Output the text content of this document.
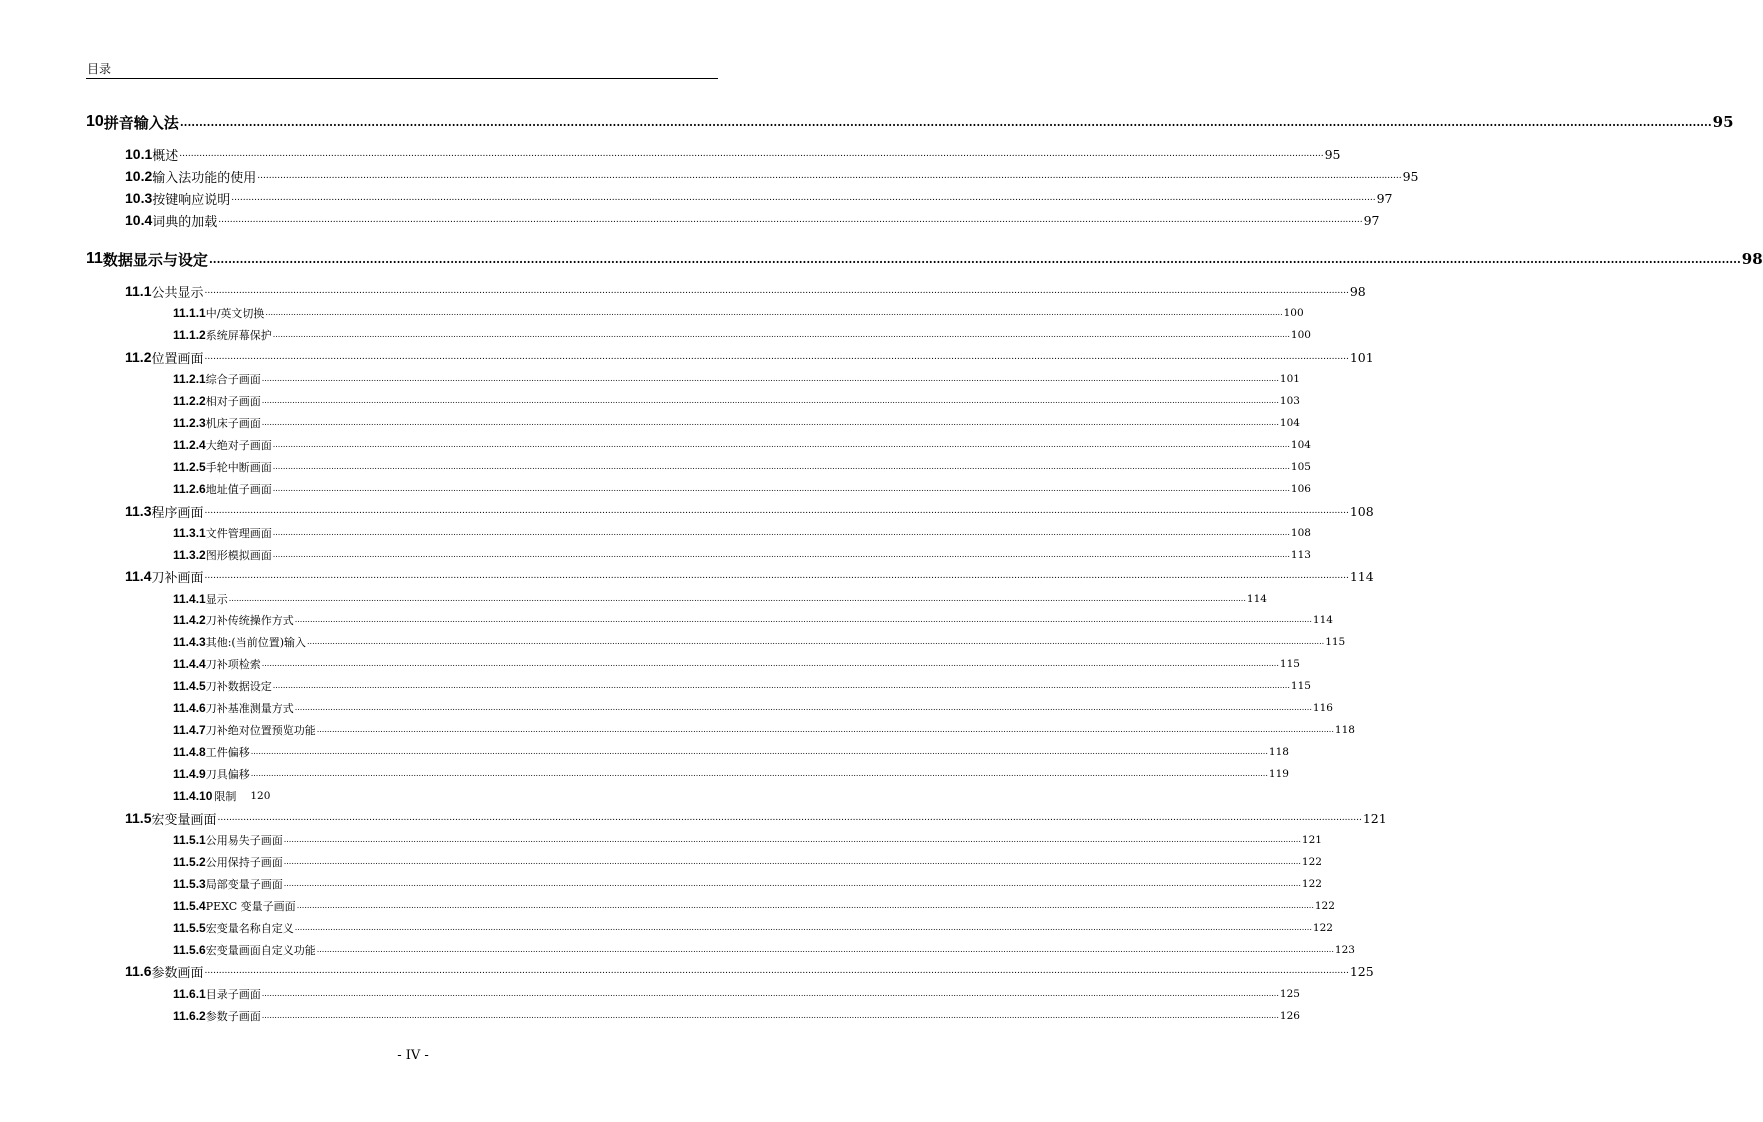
目录
10 拼音输入法 ................................................................................................................................................................................................................................................................................................................................................................................................................ 95
10.1 概述 ................................................................................................................................................................................................................................................................................................................................................................................................................ 95
10.2 输入法功能的使用 ................................................................................................................................................................................................................................................................................................................................................................................................................ 95
10.3 按键响应说明 ................................................................................................................................................................................................................................................................................................................................................................................................................ 97
10.4 词典的加载 ................................................................................................................................................................................................................................................................................................................................................................................................................ 97
11 数据显示与设定 ................................................................................................................................................................................................................................................................................................................................................................................................................ 98
11.1 公共显示 ................................................................................................................................................................................................................................................................................................................................................................................................................ 98
11.1.1 中/英文切换 ................................................................................................................................................................................................................................................................................................................................................................................................................ 100
11.1.2 系统屏幕保护 ................................................................................................................................................................................................................................................................................................................................................................................................................ 100
11.2 位置画面 ................................................................................................................................................................................................................................................................................................................................................................................................................ 101
11.2.1 综合子画面 ................................................................................................................................................................................................................................................................................................................................................................................................................ 101
11.2.2 相对子画面 ................................................................................................................................................................................................................................................................................................................................................................................................................ 103
11.2.3 机床子画面 ................................................................................................................................................................................................................................................................................................................................................................................................................ 104
11.2.4 大绝对子画面 ................................................................................................................................................................................................................................................................................................................................................................................................................ 104
11.2.5 手轮中断画面 ................................................................................................................................................................................................................................................................................................................................................................................................................ 105
11.2.6 地址值子画面 ................................................................................................................................................................................................................................................................................................................................................................................................................ 106
11.3 程序画面 ................................................................................................................................................................................................................................................................................................................................................................................................................ 108
11.3.1 文件管理画面 ................................................................................................................................................................................................................................................................................................................................................................................................................ 108
11.3.2 图形模拟画面 ................................................................................................................................................................................................................................................................................................................................................................................................................ 113
11.4 刀补画面 ................................................................................................................................................................................................................................................................................................................................................................................................................ 114
11.4.1 显示 ................................................................................................................................................................................................................................................................................................................................................................................................................ 114
11.4.2 刀补传统操作方式 ................................................................................................................................................................................................................................................................................................................................................................................................................ 114
11.4.3 其他:(当前位置)输入 ................................................................................................................................................................................................................................................................................................................................................................................................................ 115
11.4.4 刀补项检索 ................................................................................................................................................................................................................................................................................................................................................................................................................ 115
11.4.5 刀补数据设定 ................................................................................................................................................................................................................................................................................................................................................................................................................ 115
11.4.6 刀补基准测量方式 ................................................................................................................................................................................................................................................................................................................................................................................................................ 116
11.4.7 刀补绝对位置预览功能 ................................................................................................................................................................................................................................................................................................................................................................................................................ 118
11.4.8 工件偏移 ................................................................................................................................................................................................................................................................................................................................................................................................................ 118
11.4.9 刀具偏移 ................................................................................................................................................................................................................................................................................................................................................................................................................ 119
11.4.10 限制 120
11.5 宏变量画面 ................................................................................................................................................................................................................................................................................................................................................................................................................ 121
11.5.1 公用易失子画面 ................................................................................................................................................................................................................................................................................................................................................................................................................ 121
11.5.2 公用保持子画面 ................................................................................................................................................................................................................................................................................................................................................................................................................ 122
11.5.3 局部变量子画面 ................................................................................................................................................................................................................................................................................................................................................................................................................ 122
11.5.4 PEXC 变量子画面 ................................................................................................................................................................................................................................................................................................................................................................................................................ 122
11.5.5 宏变量名称自定义 ................................................................................................................................................................................................................................................................................................................................................................................................................ 122
11.5.6 宏变量画面自定义功能 ................................................................................................................................................................................................................................................................................................................................................................................................................ 123
11.6 参数画面 ................................................................................................................................................................................................................................................................................................................................................................................................................ 125
11.6.1 目录子画面 ................................................................................................................................................................................................................................................................................................................................................................................................................ 125
11.6.2 参数子画面 ................................................................................................................................................................................................................................................................................................................................................................................................................ 126
- IV -
